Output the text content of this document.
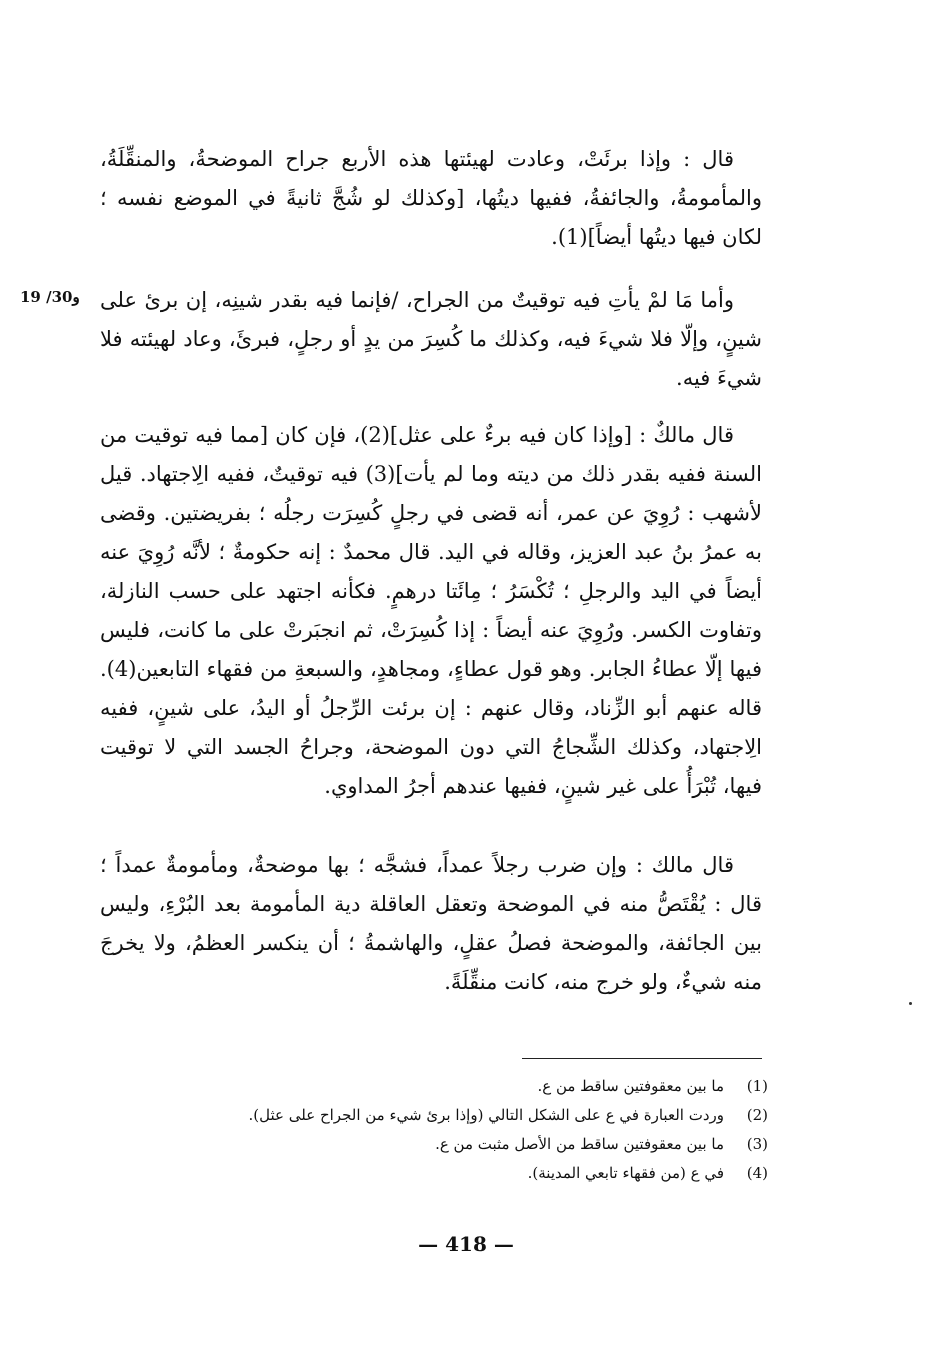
19 /30و

قال : وإذا برئَتْ، وعادت لهيئتها هذه الأربع جراح الموضحةُ، والمنقِّلَةُ، والمأمومةُ، والجائفةُ، ففيها ديتُها، [وكذلك لو شُجَّ ثانيةً في الموضع نفسه ؛ لكان فيها ديتُها أيضاً](1).

وأما مَا لمْ يأتِ فيه توقيتٌ من الجراح، /فإنما فيه بقدر شينِه، إن برئ على شينٍ، وإلّا فلا شيءَ فيه، وكذلك ما كُسِرَ من يدٍ أو رجلٍ، فبرئَ، وعاد لهيئته فلا شيءَ فيه.

قال مالكٌ : [وإذا كان فيه برءٌ على عثل](2)، فإن كان [مما فيه توقيت من السنة ففيه بقدر ذلك من ديته وما لم يأت](3) فيه توقيتٌ، ففيه الِاجتهاد. قيل لأشهب : رُوِيَ عن عمر، أنه قضى في رجلٍ كُسِرَت رجلُه ؛ بفريضتين. وقضى به عمرُ بنُ عبد العزيز، وقاله في اليد. قال محمدٌ : إنه حكومةٌ ؛ لأنَّه رُوِيَ عنه أيضاً في اليد والرجلِ ؛ تُكْسَرُ ؛ مِائَتا درهمٍ. فكأنه اجتهد على حسب النازلة، وتفاوت الكسر. ورُوِيَ عنه أيضاً : إذا كُسِرَتْ، ثم انجبَرتْ على ما كانت، فليس فيها إلّا عطاءُ الجابر. وهو قول عطاءٍ، ومجاهدٍ، والسبعةِ من فقهاء التابعين(4). قاله عنهم أبو الزِّناد، وقال عنهم : إن برئت الرِّجلُ أو اليدُ، على شينٍ، ففيه الِاجتهاد، وكذلك الشِّجاجُ التي دون الموضحة، وجراحُ الجسد التي لا توقيت فيها، تُبْرَأُ على غير شينٍ، ففيها عندهم أجرُ المداوي.

قال مالك : وإن ضرب رجلاً عمداً، فشجَّه ؛ بها موضحةٌ، ومأمومةٌ عمداً ؛ قال : يُقْتَصُّ منه في الموضحة وتعقل العاقلة دية المأمومة بعد البُرْءِ، وليس بين الجائفة، والموضحة فصلُ عقلٍ، والهاشمةُ ؛ أن ينكسر العظمُ، ولا يخرجَ منه شيءٌ، ولو خرج منه، كانت منقِّلَةً.

(1)
ما بين معقوفتين ساقط من ع.
(2)
وردت العبارة في ع على الشكل التالي (وإذا برئ شيء من الجراح على عثل).
(3)
ما بين معقوفتين ساقط من الأصل مثبت من ع.
(4)
في ع (من فقهاء تابعي المدينة).
— 418 —
